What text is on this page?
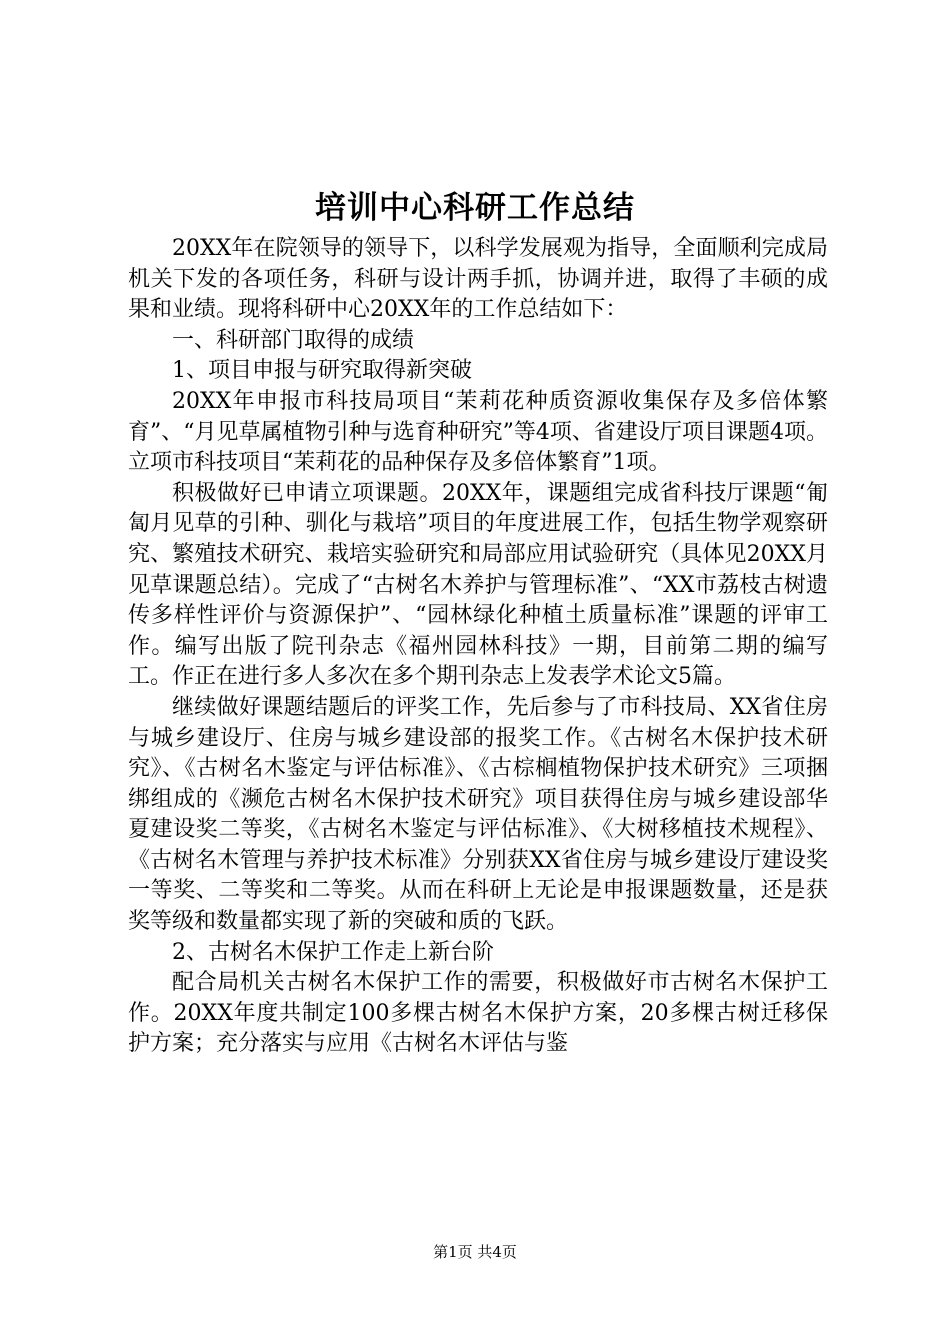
培训中心科研工作总结

20XX年在院领导的领导下，以科学发展观为指导，全面顺利完成局机关下发的各项任务，科研与设计两手抓，协调并进，取得了丰硕的成果和业绩。现将科研中心20XX年的工作总结如下：

一、科研部门取得的成绩

1、项目申报与研究取得新突破

20XX年申报市科技局项目“茉莉花种质资源收集保存及多倍体繁育”、“月见草属植物引种与选育种研究”等4项、省建设厅项目课题4项。立项市科技项目“茉莉花的品种保存及多倍体繁育”1项。

积极做好已申请立项课题。20XX年，课题组完成省科技厅课题“匍匐月见草的引种、驯化与栽培”项目的年度进展工作，包括生物学观察研究、繁殖技术研究、栽培实验研究和局部应用试验研究（具体见20XX月见草课题总结）。完成了“古树名木养护与管理标准”、“XX市荔枝古树遗传多样性评价与资源保护”、“园林绿化种植土质量标准”课题的评审工作。编写出版了院刊杂志《福州园林科技》一期，目前第二期的编写工。作正在进行多人多次在多个期刊杂志上发表学术论文5篇。

继续做好课题结题后的评奖工作，先后参与了市科技局、XX省住房与城乡建设厅、住房与城乡建设部的报奖工作。《古树名木保护技术研究》、《古树名木鉴定与评估标准》、《古棕榈植物保护技术研究》三项捆绑组成的《濒危古树名木保护技术研究》项目获得住房与城乡建设部华夏建设奖二等奖，《古树名木鉴定与评估标准》、《大树移植技术规程》、《古树名木管理与养护技术标准》分别获XX省住房与城乡建设厅建设奖一等奖、二等奖和二等奖。从而在科研上无论是申报课题数量，还是获奖等级和数量都实现了新的突破和质的飞跃。

2、古树名木保护工作走上新台阶

配合局机关古树名木保护工作的需要，积极做好市古树名木保护工作。20XX年度共制定100多棵古树名木保护方案，20多棵古树迁移保护方案；充分落实与应用《古树名木评估与鉴

第1页 共4页
